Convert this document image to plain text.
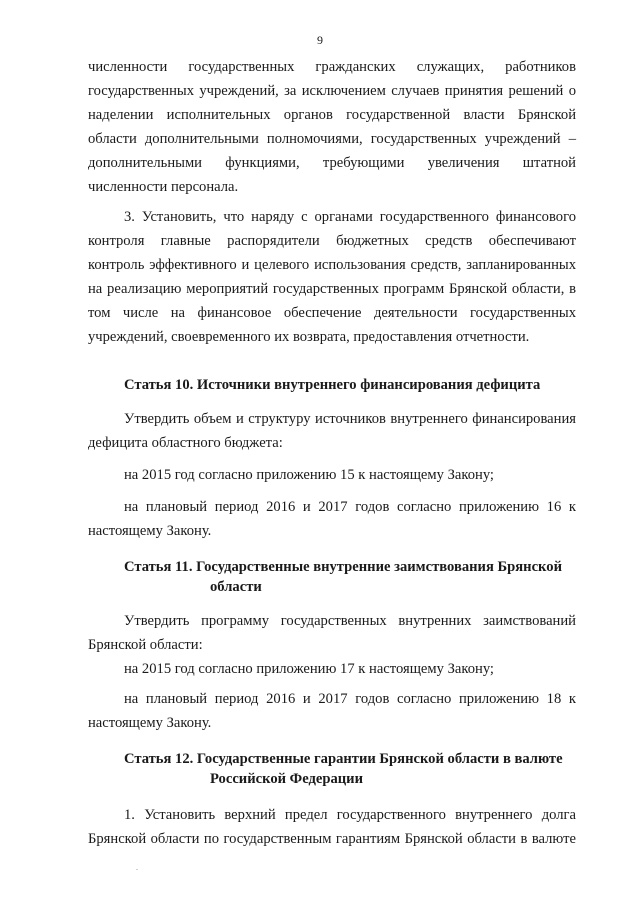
9
численности государственных гражданских служащих, работников
государственных учреждений, за исключением случаев принятия решений о
наделении исполнительных органов государственной власти Брянской
области дополнительными полномочиями, государственных учреждений –
дополнительными функциями, требующими увеличения штатной
численности персонала.
3. Установить, что наряду с органами государственного финансового
контроля главные распорядители бюджетных средств обеспечивают
контроль эффективного и целевого использования средств, запланированных
на реализацию мероприятий государственных программ Брянской области, в
том числе на финансовое обеспечение деятельности государственных
учреждений, своевременного их возврата, предоставления отчетности.
Статья 10. Источники внутреннего финансирования дефицита
Утвердить объем и структуру источников внутреннего финансирования
дефицита областного бюджета:
на 2015 год согласно приложению 15 к настоящему Закону;
на плановый период 2016 и 2017 годов согласно приложению 16 к
настоящему Закону.
Статья 11. Государственные внутренние заимствования Брянской
области
Утвердить программу государственных внутренних заимствований
Брянской области:
на 2015 год согласно приложению 17 к настоящему Закону;
на плановый период 2016 и 2017 годов согласно приложению 18 к
настоящему Закону.
Статья 12. Государственные гарантии Брянской области в валюте
Российской Федерации
1. Установить верхний предел государственного внутреннего долга
Брянской области по государственным гарантиям Брянской области в валюте
